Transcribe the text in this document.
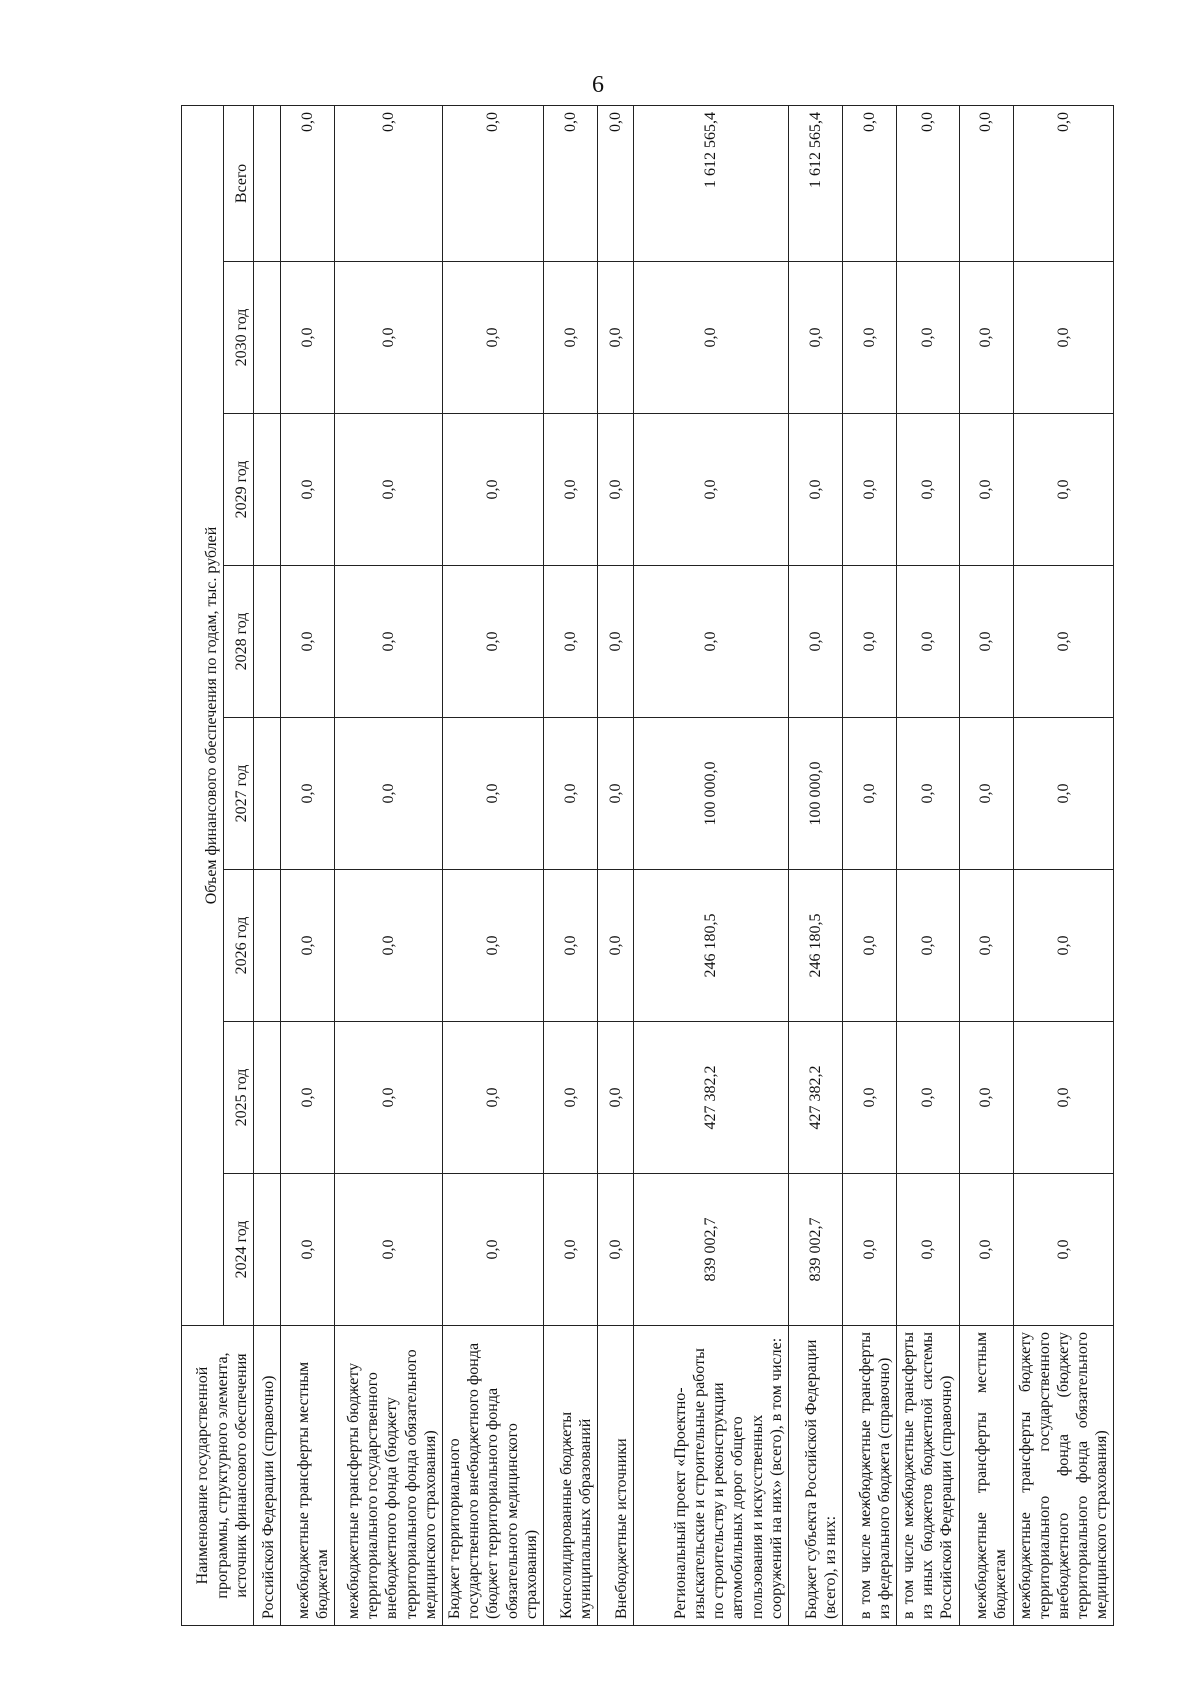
6
Наименование государственной программы, структурного элемента, источник финансового обеспечения	Объем финансового обеспечения по годам, тыс. рублей							
	2024 год	2025 год	2026 год	2027 год	2028 год	2029 год	2030 год	Всего
Российской Федерации (справочно)								
межбюджетные трансферты местным бюджетам	0,0	0,0	0,0	0,0	0,0	0,0	0,0	0,0
межбюджетные трансферты бюджету территориального государственного внебюджетного фонда (бюджету территориального фонда обязательного медицинского страхования)	0,0	0,0	0,0	0,0	0,0	0,0	0,0	0,0
Бюджет территориального государственного внебюджетного фонда (бюджет территориального фонда обязательного медицинского страхования)	0,0	0,0	0,0	0,0	0,0	0,0	0,0	0,0
Консолидированные бюджеты муниципальных образований	0,0	0,0	0,0	0,0	0,0	0,0	0,0	0,0
Внебюджетные источники	0,0	0,0	0,0	0,0	0,0	0,0	0,0	0,0
Региональный проект «Проектно-изыскательские и строительные работы по строительству и реконструкции автомобильных дорог общего пользования и искусственных сооружений на них» (всего), в том числе:	839 002,7	427 382,2	246 180,5	100 000,0	0,0	0,0	0,0	1 612 565,4
Бюджет субъекта Российской Федерации (всего), из них:	839 002,7	427 382,2	246 180,5	100 000,0	0,0	0,0	0,0	1 612 565,4
в том числе межбюджетные трансферты из федерального бюджета (справочно)	0,0	0,0	0,0	0,0	0,0	0,0	0,0	0,0
в том числе межбюджетные трансферты из иных бюджетов бюджетной системы Российской Федерации (справочно)	0,0	0,0	0,0	0,0	0,0	0,0	0,0	0,0
межбюджетные трансферты местным бюджетам	0,0	0,0	0,0	0,0	0,0	0,0	0,0	0,0
межбюджетные трансферты бюджету территориального государственного внебюджетного фонда (бюджету территориального фонда обязательного медицинского страхования)	0,0	0,0	0,0	0,0	0,0	0,0	0,0	0,0
